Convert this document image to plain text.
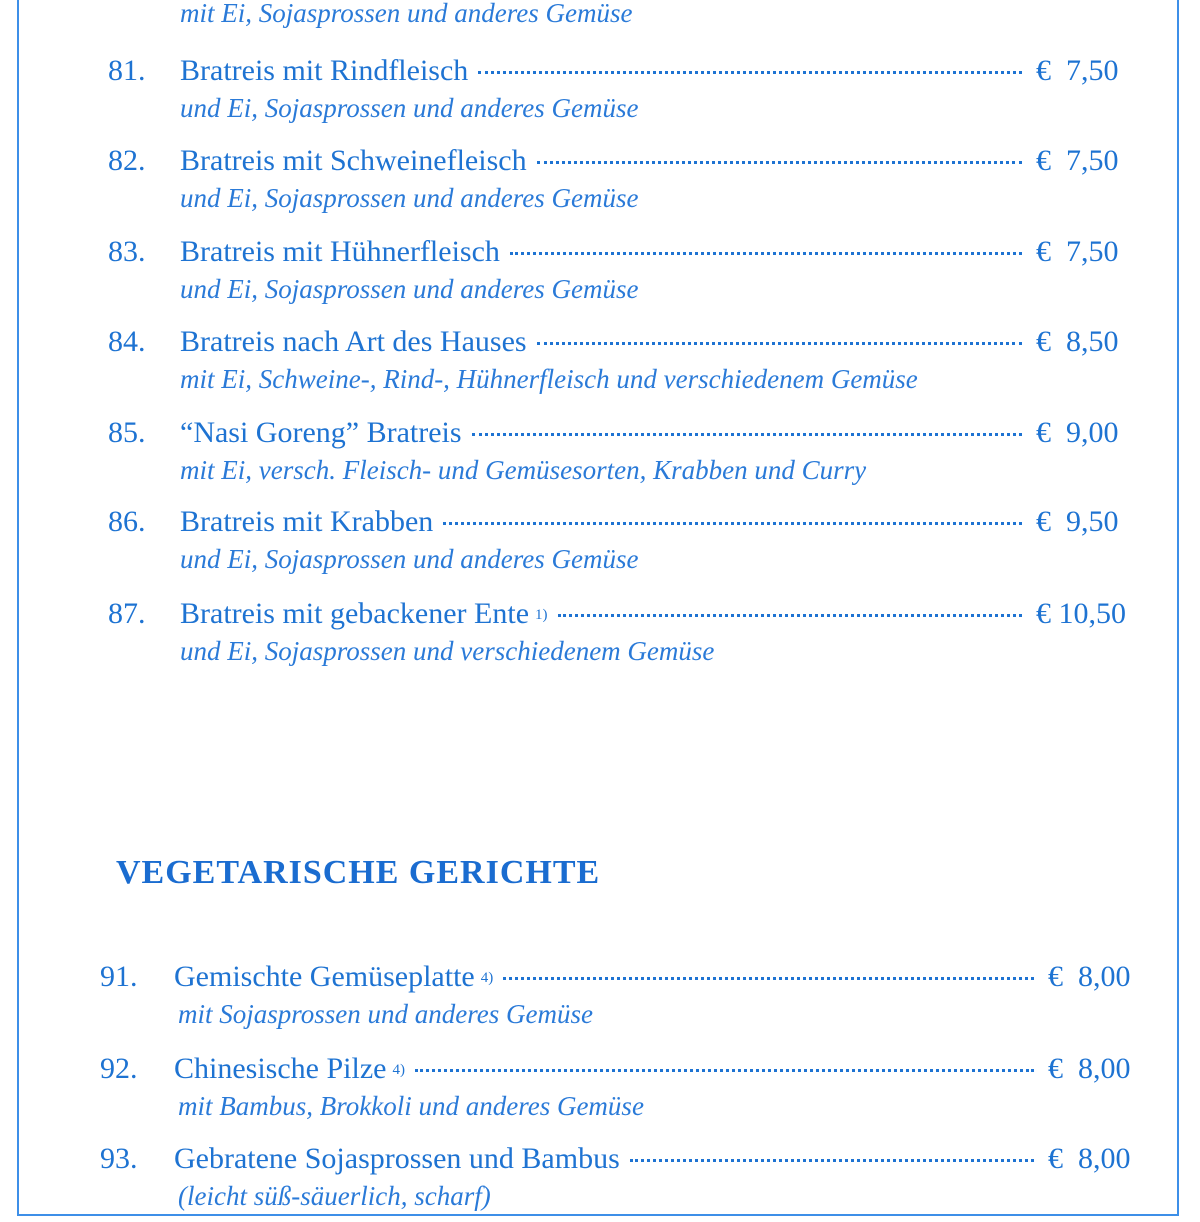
mit Ei, Sojasprossen und anderes Gemüse
81. Bratreis mit Rindfleisch	€  7,50
und Ei, Sojasprossen und anderes Gemüse
82. Bratreis mit Schweinefleisch	€  7,50
und Ei, Sojasprossen und anderes Gemüse
83. Bratreis mit Hühnerfleisch	€  7,50
und Ei, Sojasprossen und anderes Gemüse
84. Bratreis nach Art des Hauses	€  8,50
mit Ei, Schweine-, Rind-, Hühnerfleisch und verschiedenem Gemüse
85. “Nasi Goreng” Bratreis	€  9,00
mit Ei, versch. Fleisch- und Gemüsesorten, Krabben und Curry
86. Bratreis mit Krabben	€  9,50
und Ei, Sojasprossen und anderes Gemüse
87. Bratreis mit gebackener Ente 1)	€ 10,50
und Ei, Sojasprossen und verschiedenem Gemüse
VEGETARISCHE GERICHTE
91. Gemischte Gemüseplatte 4)	€  8,00
mit Sojasprossen und anderes Gemüse
92. Chinesische Pilze 4)	€  8,00
mit Bambus, Brokkoli und anderes Gemüse
93. Gebratene Sojasprossen und Bambus	€  8,00
(leicht süß-säuerlich, scharf)
